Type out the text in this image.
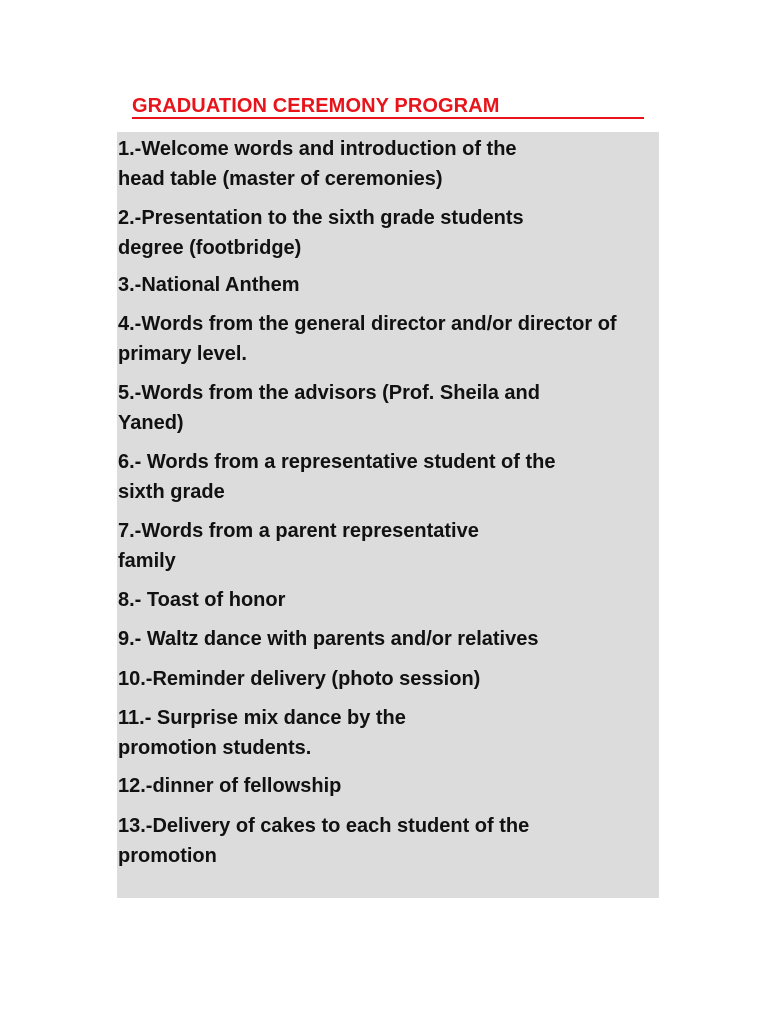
GRADUATION CEREMONY PROGRAM
1.-Welcome words and introduction of the
head table (master of ceremonies)
2.-Presentation to the sixth grade students
degree (footbridge)
3.-National Anthem
4.-Words from the general director and/or director of
primary level.
5.-Words from the advisors (Prof. Sheila and
Yaned)
6.- Words from a representative student of the
sixth grade
7.-Words from a parent representative
family
8.- Toast of honor
9.- Waltz dance with parents and/or relatives
10.-Reminder delivery (photo session)
11.- Surprise mix dance by the
promotion students.
12.-dinner of fellowship
13.-Delivery of cakes to each student of the
promotion
